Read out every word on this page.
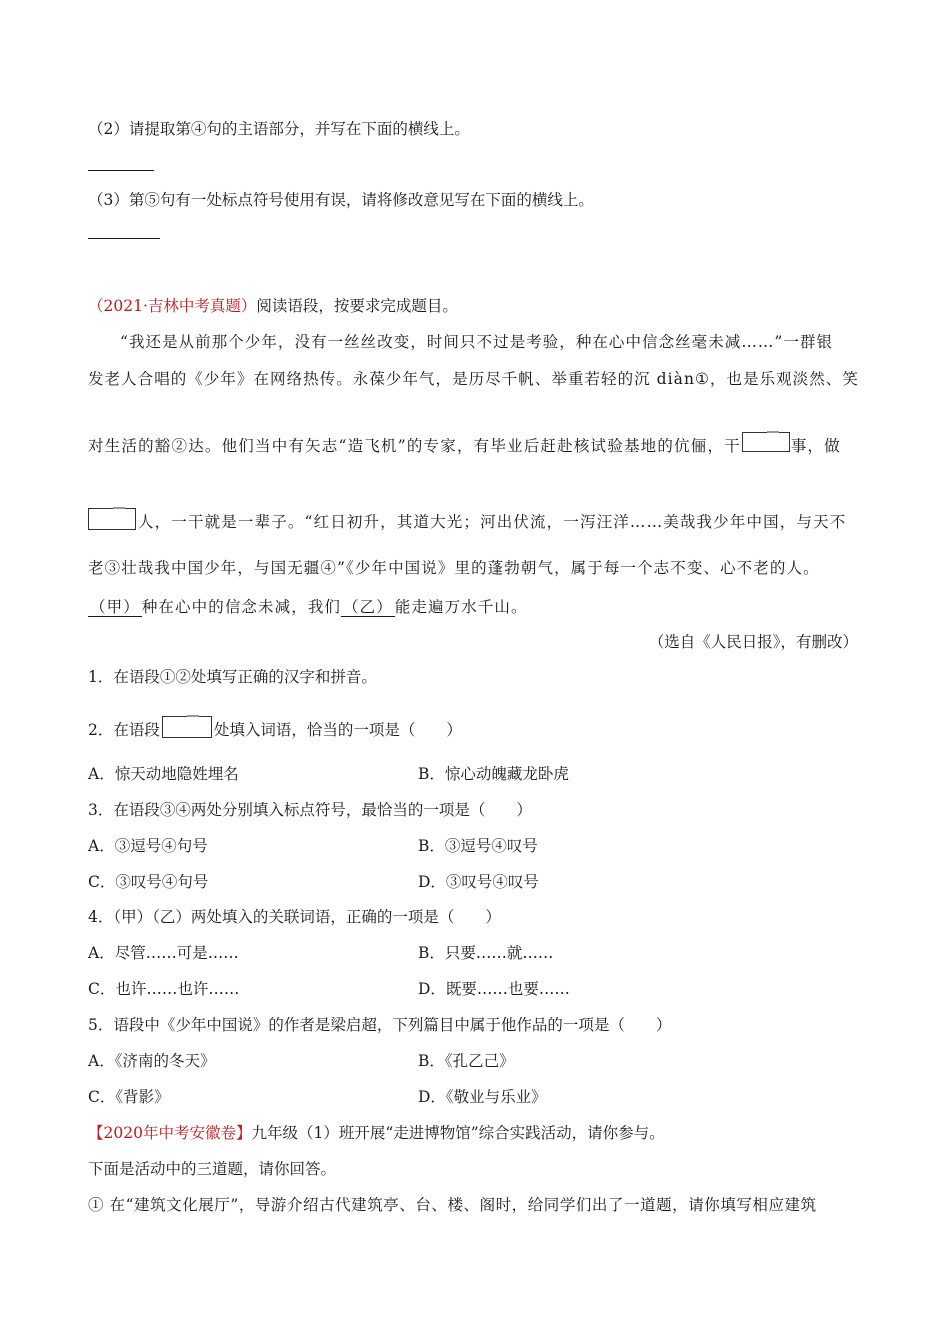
（2）请提取第④句的主语部分，并写在下面的横线上。
（3）第⑤句有一处标点符号使用有误，请将修改意见写在下面的横线上。
（2021·吉林中考真题）阅读语段，按要求完成题目。
“我还是从前那个少年，没有一丝丝改变，时间只不过是考验，种在心中信念丝毫未减……”一群银
发老人合唱的《少年》在网络热传。永葆少年气，是历尽千帆、举重若轻的沉 diàn①，也是乐观淡然、笑
对生活的豁②达。他们当中有矢志“造飞机”的专家，有毕业后赶赴核试验基地的伉俪，干	事，做
人，一干就是一辈子。“红日初升，其道大光；河出伏流，一泻汪洋……美哉我少年中国，与天不
老③壮哉我中国少年，与国无疆④”《少年中国说》里的蓬勃朝气，属于每一个志不变、心不老的人。
（甲） 种在心中的信念未减，我们 （乙） 能走遍万水千山。
（选自《人民日报》，有删改）
1．在语段①②处填写正确的汉字和拼音。
2．在语段	处填入词语，恰当的一项是（　　）
A．惊天动地隐姓埋名	B．惊心动魄藏龙卧虎
3．在语段③④两处分别填入标点符号，最恰当的一项是（　　）
A．③逗号④句号	B．③逗号④叹号
C．③叹号④句号	D．③叹号④叹号
4．（甲）（乙）两处填入的关联词语，正确的一项是（　　）
A．尽管……可是……	B．只要……就……
C．也许……也许……	D．既要……也要……
5．语段中《少年中国说》的作者是梁启超，下列篇目中属于他作品的一项是（　　）
A．《济南的冬天》	B．《孔乙己》
C．《背影》	D．《敬业与乐业》
【2020年中考安徽卷】九年级（1）班开展“走进博物馆”综合实践活动，请你参与。
下面是活动中的三道题，请你回答。
① 在“建筑文化展厅”，导游介绍古代建筑亭、台、楼、阁时，给同学们出了一道题，请你填写相应建筑
